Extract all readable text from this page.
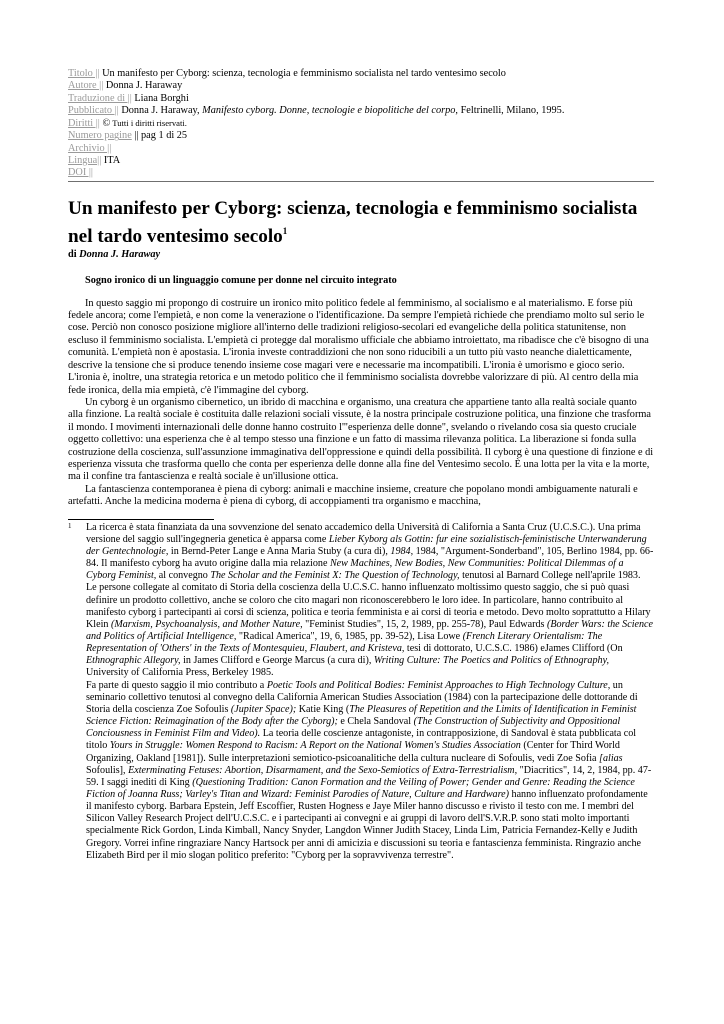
Titolo || Un manifesto per Cyborg: scienza, tecnologia e femminismo socialista nel tardo ventesimo secolo
Autore || Donna J. Haraway
Traduzione di || Liana Borghi
Pubblicato || Donna J. Haraway, Manifesto cyborg. Donne, tecnologie e biopolitiche del corpo, Feltrinelli, Milano, 1995.
Diritti || © Tutti i diritti riservati.
Numero pagine || pag 1 di 25
Archivio ||
Lingua|| ITA
DOI ||
Un manifesto per Cyborg: scienza, tecnologia e femminismo socialista nel tardo ventesimo secolo$^1$
di Donna J. Haraway
Sogno ironico di un linguaggio comune per donne nel circuito integrato

In questo saggio mi propongo di costruire un ironico mito politico fedele al femminismo, al socialismo e al materialismo. E forse più fedele ancora; come l'empietà, e non come la venerazione o l'identificazione. Da sempre l'empietà richiede che prendiamo molto sul serio le cose. Perciò non conosco posizione migliore all'interno delle tradizioni religioso-secolari ed evangeliche della politica statunitense, non escluso il femminismo socialista. L'empietà ci protegge dal moralismo ufficiale che abbiamo introiettato, ma ribadisce che c'è bisogno di una comunità. L'empietà non è apostasia. L'ironia investe contraddizioni che non sono riducibili a un tutto più vasto neanche dialetticamente, descrive la tensione che si produce tenendo insieme cose magari vere e necessarie ma incompatibili. L'ironia è umorismo e gioco serio. L'ironia è, inoltre, una strategia retorica e un metodo politico che il femminismo socialista dovrebbe valorizzare di più. Al centro della mia fede ironica, della mia empietà, c'è l'immagine del cyborg.

Un cyborg è un organismo cibernetico, un ibrido di macchina e organismo, una creatura che appartiene tanto alla realtà sociale quanto alla finzione. La realtà sociale è costituita dalle relazioni sociali vissute, è la nostra principale costruzione politica, una finzione che trasforma il mondo. I movimenti internazionali delle donne hanno costruito l'"esperienza delle donne", svelando o rivelando cosa sia questo cruciale oggetto collettivo: una esperienza che è al tempo stesso una finzione e un fatto di massima rilevanza politica. La liberazione si fonda sulla costruzione della coscienza, sull'assunzione immaginativa dell'oppressione e quindi della possibilità. Il cyborg è una questione di finzione e di esperienza vissuta che trasforma quello che conta per esperienza delle donne alla fine del Ventesimo secolo. È una lotta per la vita e la morte, ma il confine tra fantascienza e realtà sociale è un'illusione ottica.

La fantascienza contemporanea è piena di cyborg: animali e macchine insieme, creature che popolano mondi ambiguamente naturali e artefatti. Anche la medicina moderna è piena di cyborg, di accoppiamenti tra organismo e macchina,

1 La ricerca è stata finanziata da una sovvenzione del senato accademico della Università di California a Santa Cruz (U.C.S.C.). Una prima versione del saggio sull'ingegneria genetica è apparsa come Lieber Kyborg als Gottin: fur eine sozialistisch-feministische Unterwanderung der Gentechnologie, in Bernd-Peter Lange e Anna Maria Stuby (a cura di), 1984, 1984, "Argument-Sonderband", 105, Berlino 1984, pp. 66-84. Il manifesto cyborg ha avuto origine dalla mia relazione New Machines, New Bodies, New Communities: Political Dilemmas of a Cyborg Feminist, al convegno The Scholar and the Feminist X: The Question of Technology, tenutosi al Barnard College nell'aprile 1983.

Le persone collegate al comitato di Storia della coscienza della U.C.S.C. hanno influenzato moltissimo questo saggio, che si può quasi definire un prodotto collettivo, anche se coloro che cito magari non riconoscerebbero le loro idee. In particolare, hanno contribuito al manifesto cyborg i partecipanti ai corsi di scienza, politica e teoria femminista e ai corsi di teoria e metodo. Devo molto soprattutto a Hilary Klein (Marxism, Psychoanalysis, and Mother Nature, "Feminist Studies", 15, 2, 1989, pp. 255-78), Paul Edwards (Border Wars: the Science and Politics of Artificial Intelligence, "Radical America", 19, 6, 1985, pp. 39-52), Lisa Lowe (French Literary Orientalism: The Representation of 'Others' in the Texts of Montesquieu, Flaubert, and Kristeva, tesi di dottorato, U.C.S.C. 1986) eJames Clifford (On Ethnographic Allegory, in James Clifford e George Marcus (a cura di), Writing Culture: The Poetics and Politics of Ethnography, University of California Press, Berkeley 1985.

Fa parte di questo saggio il mio contributo a Poetic Tools and Political Bodies: Feminist Approaches to High Technology Culture, un seminario collettivo tenutosi al convegno della California American Studies Association (1984) con la partecipazione delle dottorande di Storia della coscienza Zoe Sofoulis (Jupiter Space); Katie King (The Pleasures of Repetition and the Limits of Identification in Feminist Science Fiction: Reimagination of the Body after the Cyborg); e Chela Sandoval (The Construction of Subjectivity and Oppositional Conciousness in Feminist Film and Video). La teoria delle coscienze antagoniste, in contrapposizione, di Sandoval è stata pubblicata col titolo Yours in Struggle: Women Respond to Racism: A Report on the National Women's Studies Association (Center for Third World Organizing, Oakland [1981]). Sulle interpretazioni semiotico-psicoanalitiche della cultura nucleare di Sofoulis, vedi Zoe Sofia [alias Sofoulis], Exterminating Fetuses: Abortion, Disarmament, and the Sexo-Semiotics of Extra-Terrestrialism, "Diacritics", 14, 2, 1984, pp. 47-59. I saggi inediti di King (Questioning Tradition: Canon Formation and the Veiling of Power; Gender and Genre: Reading the Science Fiction of Joanna Russ; Varley's Titan and Wizard: Feminist Parodies of Nature, Culture and Hardware) hanno influenzato profondamente il manifesto cyborg. Barbara Epstein, Jeff Escoffier, Rusten Hogness e Jaye Miler hanno discusso e rivisto il testo con me. I membri del Silicon Valley Research Project dell'U.C.S.C. e i partecipanti ai convegni e ai gruppi di lavoro dell'S.V.R.P. sono stati molto importanti specialmente Rick Gordon, Linda Kimball, Nancy Snyder, Langdon Winner Judith Stacey, Linda Lim, Patricia Fernandez-Kelly e Judith Gregory. Vorrei infine ringraziare Nancy Hartsock per anni di amicizia e discussioni su teoria e fantascienza femminista. Ringrazio anche Elizabeth Bird per il mio slogan politico preferito: "Cyborg per la sopravvivenza terrestre".
